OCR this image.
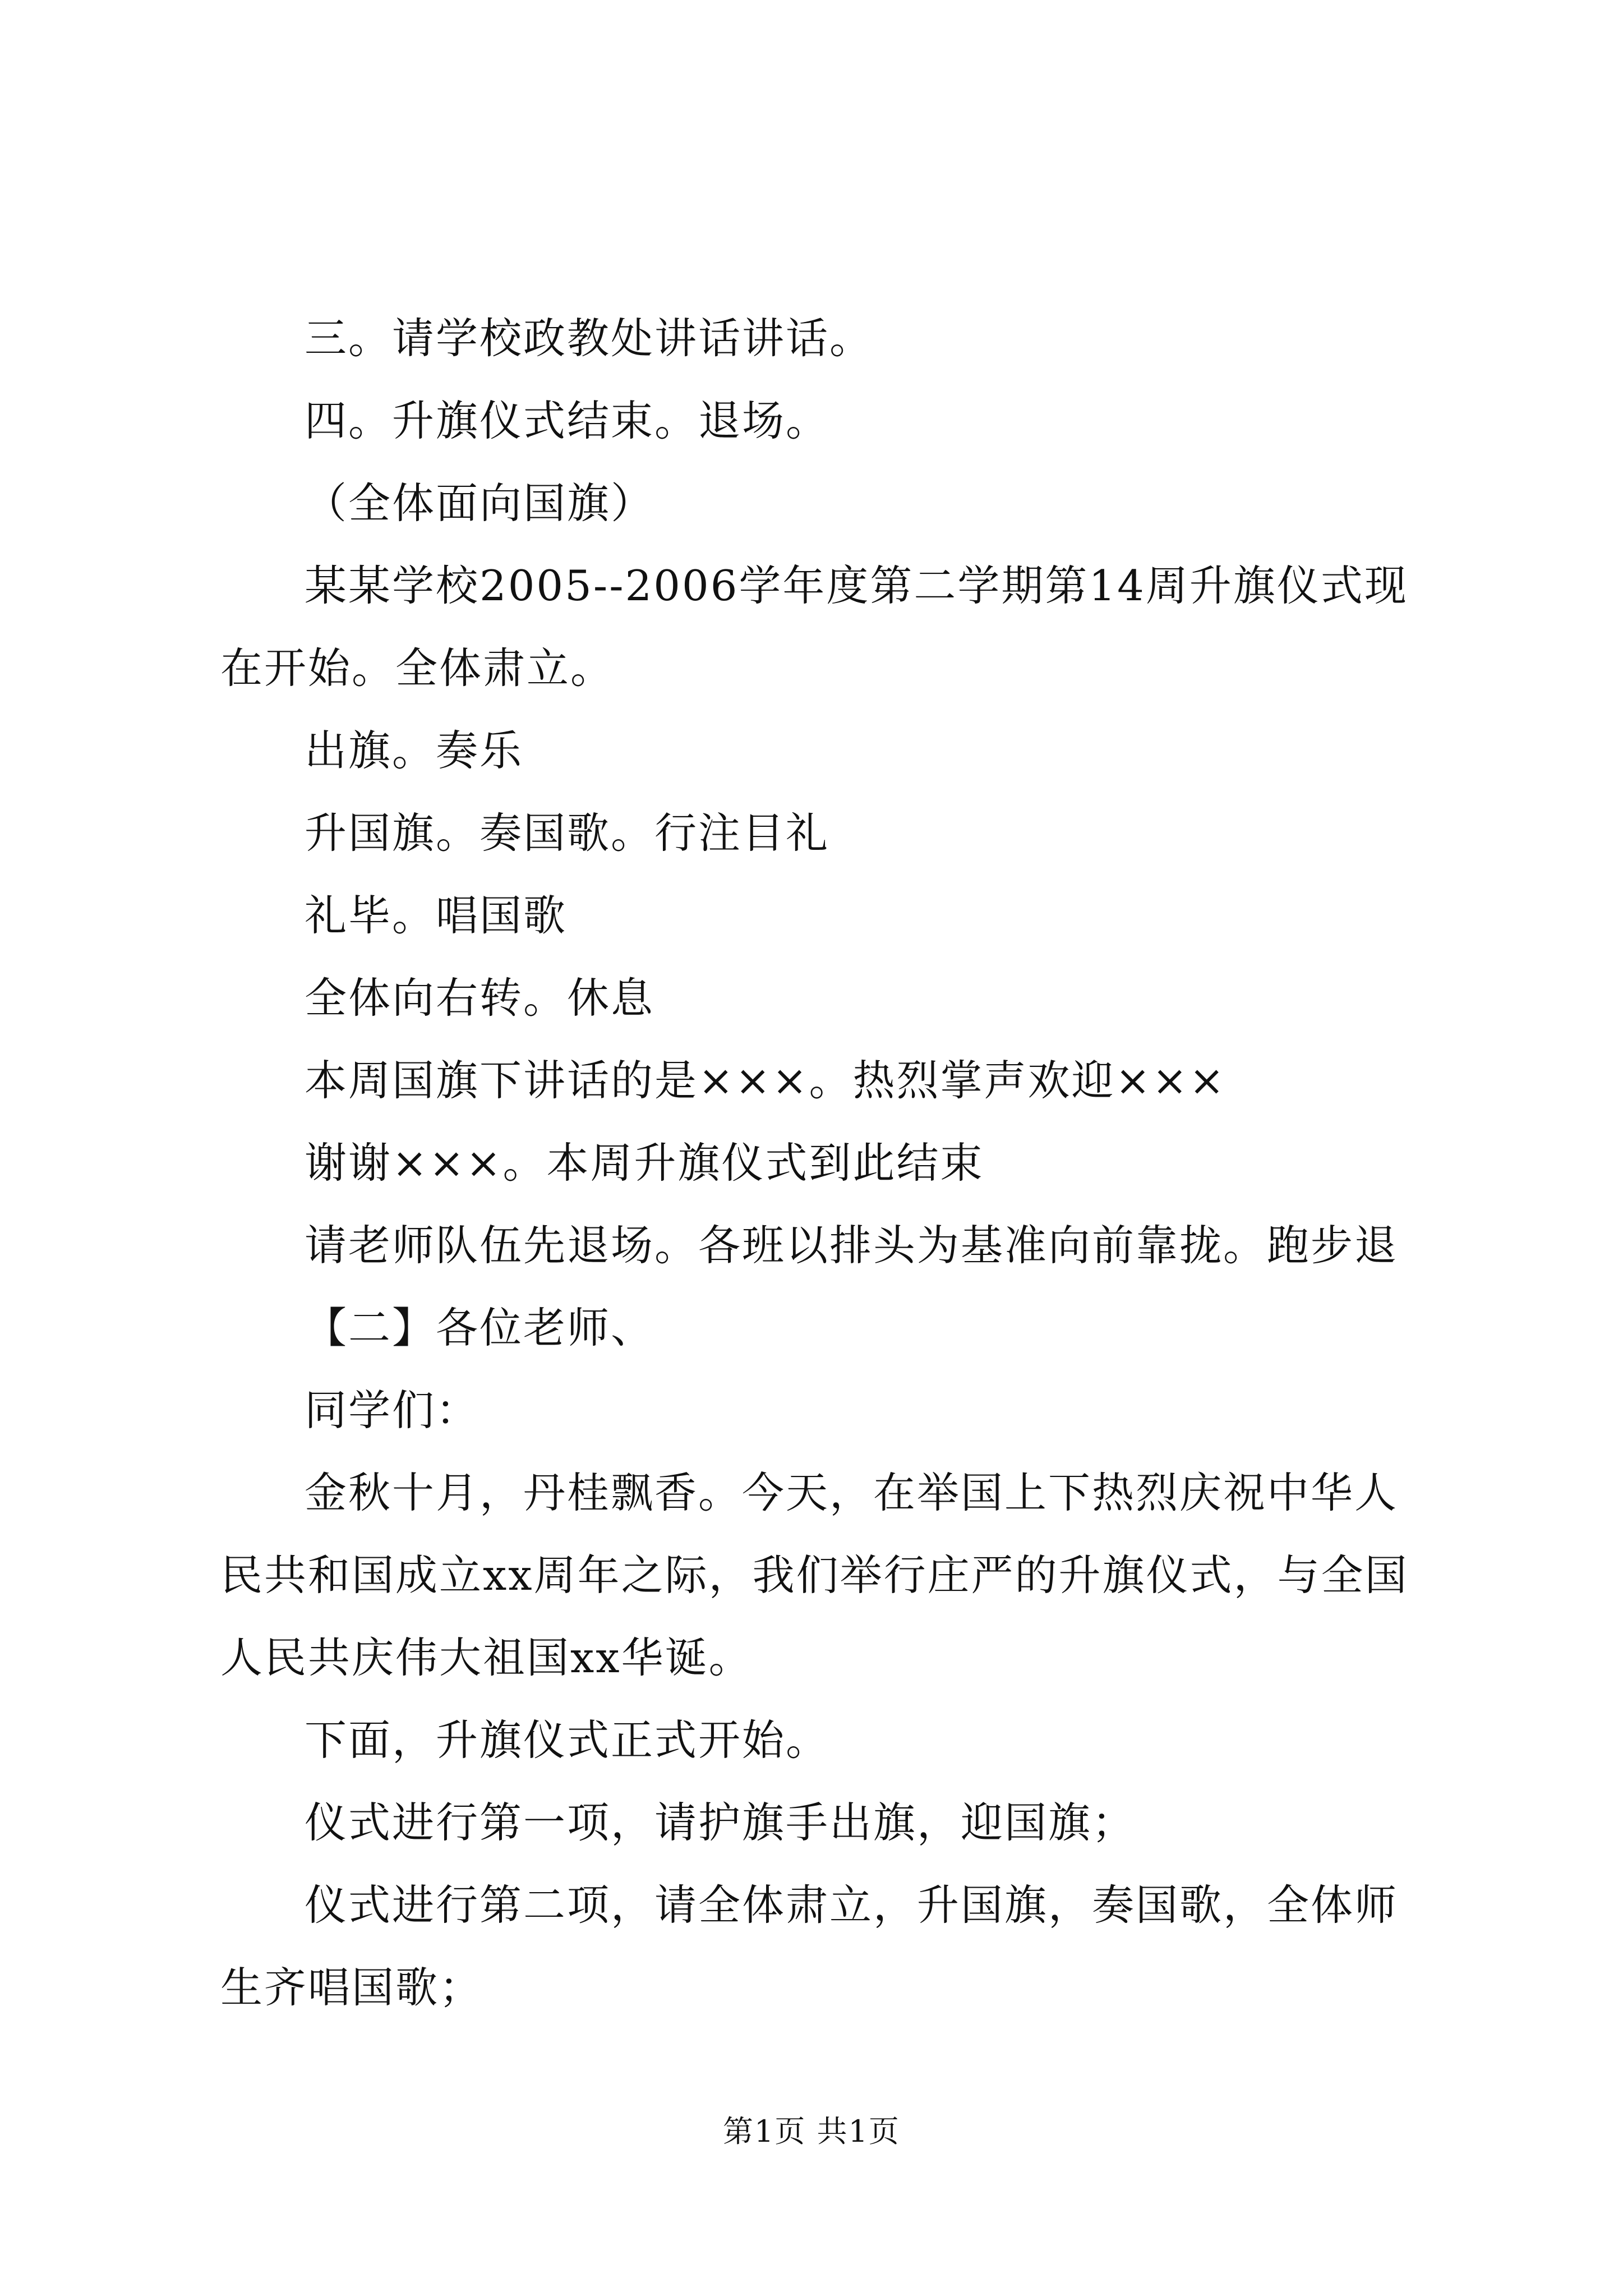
三。请学校政教处讲话讲话。

四。升旗仪式结束。退场。

（全体面向国旗）

某某学校2005--2006学年度第二学期第14周升旗仪式现在开始。全体肃立。

出旗。奏乐

升国旗。奏国歌。行注目礼

礼毕。唱国歌

全体向右转。休息

本周国旗下讲话的是×××。热烈掌声欢迎×××

谢谢×××。本周升旗仪式到此结束

请老师队伍先退场。各班以排头为基准向前靠拢。跑步退

【二】各位老师、

同学们：

金秋十月，丹桂飘香。今天，在举国上下热烈庆祝中华人民共和国成立xx周年之际，我们举行庄严的升旗仪式，与全国人民共庆伟大祖国xx华诞。

下面，升旗仪式正式开始。

仪式进行第一项，请护旗手出旗，迎国旗；

仪式进行第二项，请全体肃立，升国旗，奏国歌，全体师生齐唱国歌；

第1页 共1页
